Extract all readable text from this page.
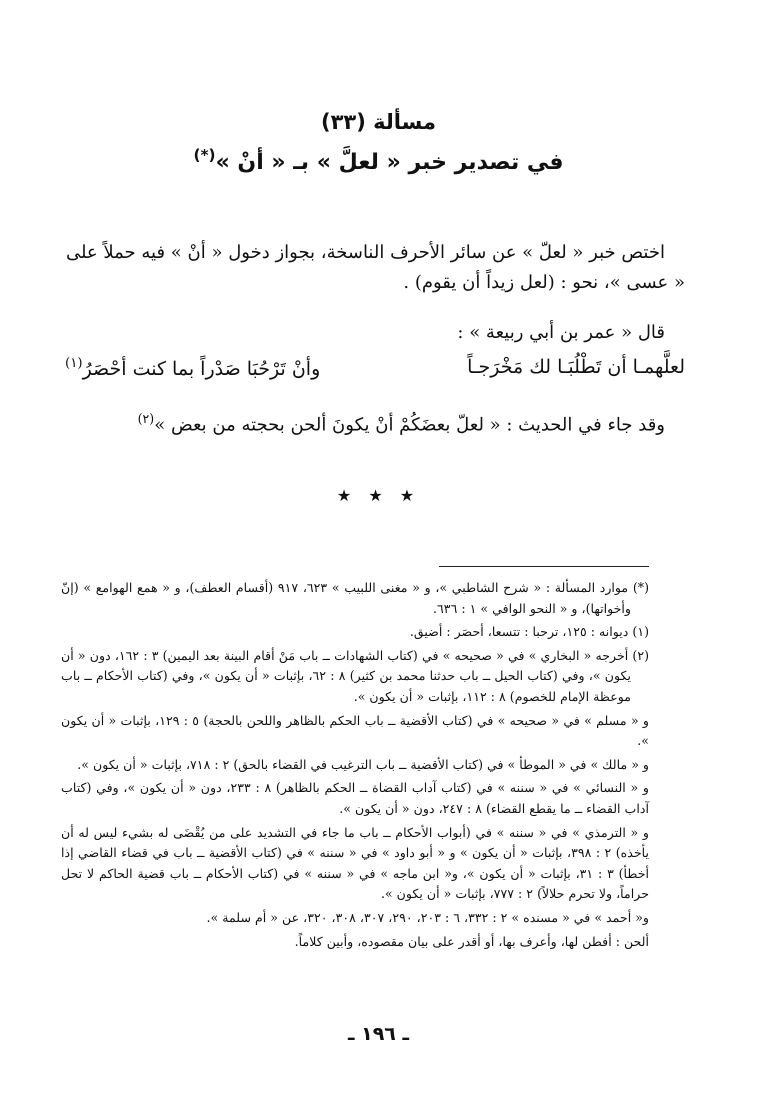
مسألة (٣٣)
في تصدير خبر « لعلَّ » بـ « أنْ »(*)

اختص خبر « لعلّ » عن سائر الأحرف الناسخة، بجواز دخول « أنْ » فيه حملاً على « عسى »، نحو : (لعل زيداً أن يقوم) .

قال « عمر بن أبي ربيعة » :

لعلَّهمـا أن تَطْلُبَـا لك مَخْرَجـاً
وأنْ تَرْحُبَا صَدْراً بما كنت أحْصَرُ$^{(١)}$

وقد جاء في الحديث : « لعلّ بعضَكُمْ أنْ يكونَ ألحن بحجته من بعض »$^{(٢)}$

★ ★ ★

(*) موارد المسألة : « شرح الشاطبي »، و « مغنى اللبيب » ٦٢٣، ٩١٧ (أقسام العطف)، و « همع الهوامع » (إنّ وأخواتها)، و « النحو الوافي » ١ : ٦٣٦.

(١) ديوانه : ١٢٥، ترحبا : تتسعا، أحصَر : أضيق.

(٢) أخرجه « البخاري » في « صحيحه » في (كتاب الشهادات ــ باب مَنْ أقام البينة بعد اليمين) ٣ : ١٦٢، دون « أن يكون »، وفي (كتاب الحيل ــ باب حدثنا محمد بن كثير) ٨ : ٦٢، بإثبات « أن يكون »، وفي (كتاب الأحكام ــ باب موعظة الإمام للخصوم) ٨ : ١١٢، بإثبات « أن يكون ».

و « مسلم » في « صحيحه » في (كتاب الأقضية ــ باب الحكم بالظاهر واللحن بالحجة) ٥ : ١٢٩، بإثبات « أن يكون ».

و « مالك » في « الموطأ » في (كتاب الأقضية ــ باب الترغيب في القضاء بالحق) ٢ : ٧١٨، بإثبات « أن يكون ».

و « النسائي » في « سننه » في (كتاب آداب القضاة ــ الحكم بالظاهر) ٨ : ٢٣٣، دون « أن يكون »، وفي (كتاب آداب القضاء ــ ما يقطع القضاء) ٨ : ٢٤٧، دون « أن يكون ».

و « الترمذي » في « سننه » في (أبواب الأحكام ــ باب ما جاء في التشديد على من يُقْضَى له بشيء ليس له أن يأخذه) ٢ : ٣٩٨، بإثبات « أن يكون » و « أبو داود » في « سننه » في (كتاب الأقضية ــ باب في قضاء القاضي إذا أخطأ) ٣ : ٣١، بإثبات « أن يكون »، و« ابن ماجه » في « سننه » في (كتاب الأحكام ــ باب قضية الحاكم لا تحل حراماً، ولا تحرم حلالاً) ٢ : ٧٧٧، بإثبات « أن يكون ».

و« أحمد » في « مسنده » ٢ : ٣٣٢، ٦ : ٢٠٣، ٢٩٠، ٣٠٧، ٣٠٨، ٣٢٠، عن « أم سلمة ».

ألحن : أفطن لها، وأعرف بها، أو أقدر على بيان مقصوده، وأبين كلاماً.

ـ ١٩٦ ـ
